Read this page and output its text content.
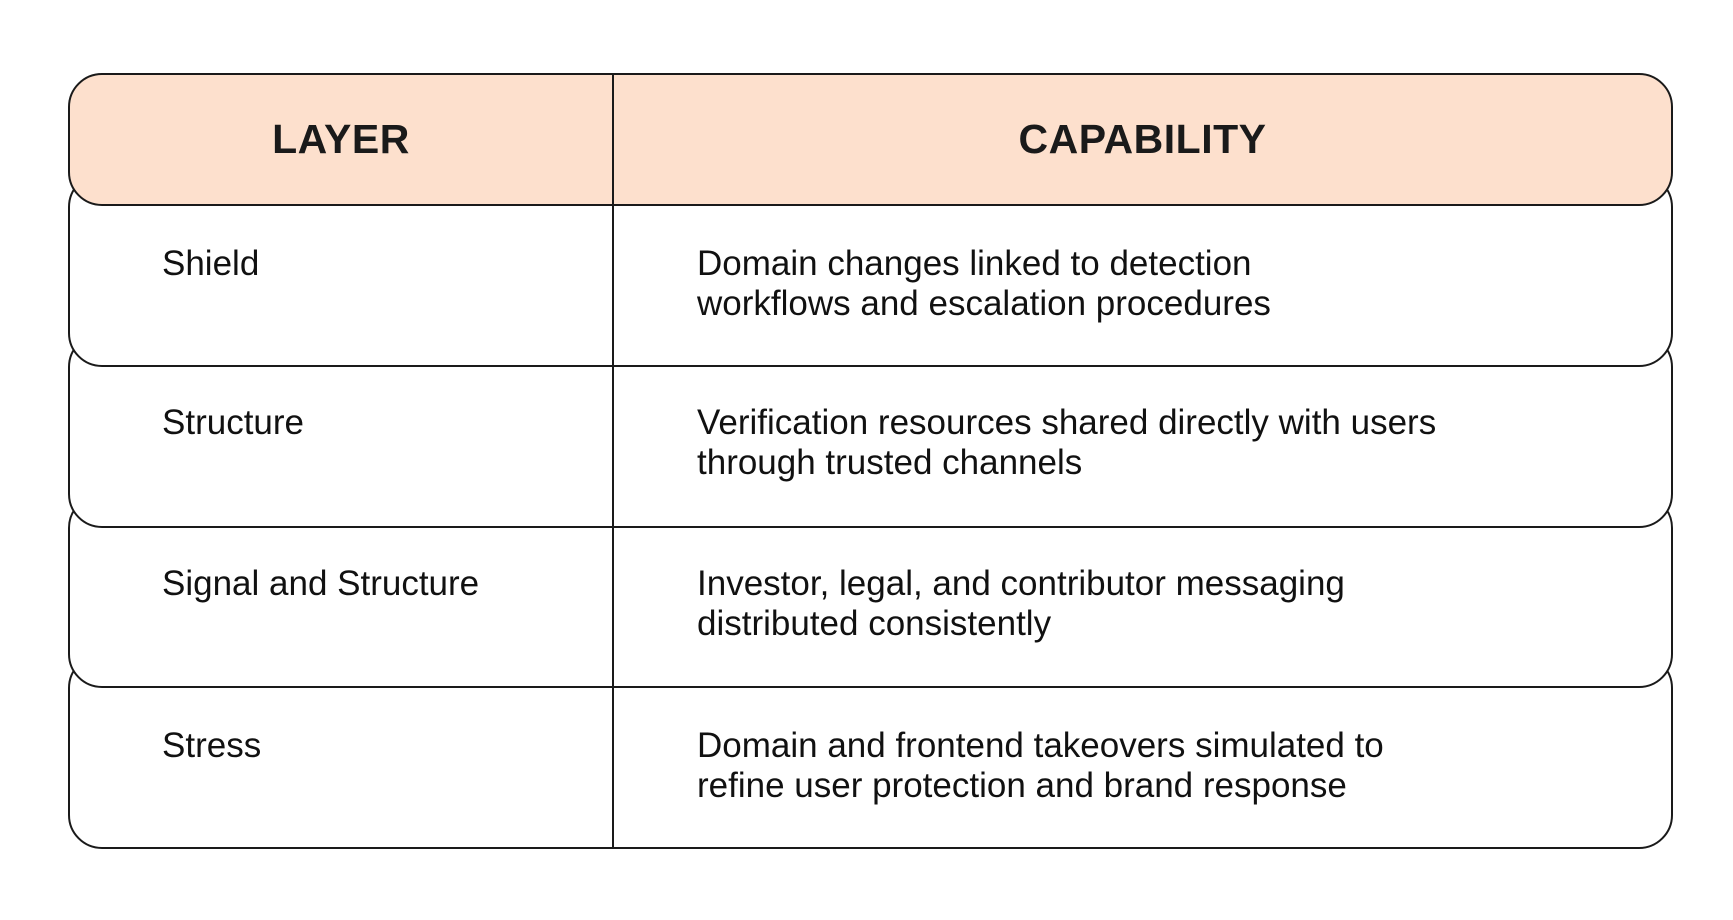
LAYER	CAPABILITY
Shield	Domain changes linked to detection
workflows and escalation procedures
Structure	Verification resources shared directly with users
through trusted channels
Signal and Structure	Investor, legal, and contributor messaging
distributed consistently
Stress	Domain and frontend takeovers simulated to
refine user protection and brand response
